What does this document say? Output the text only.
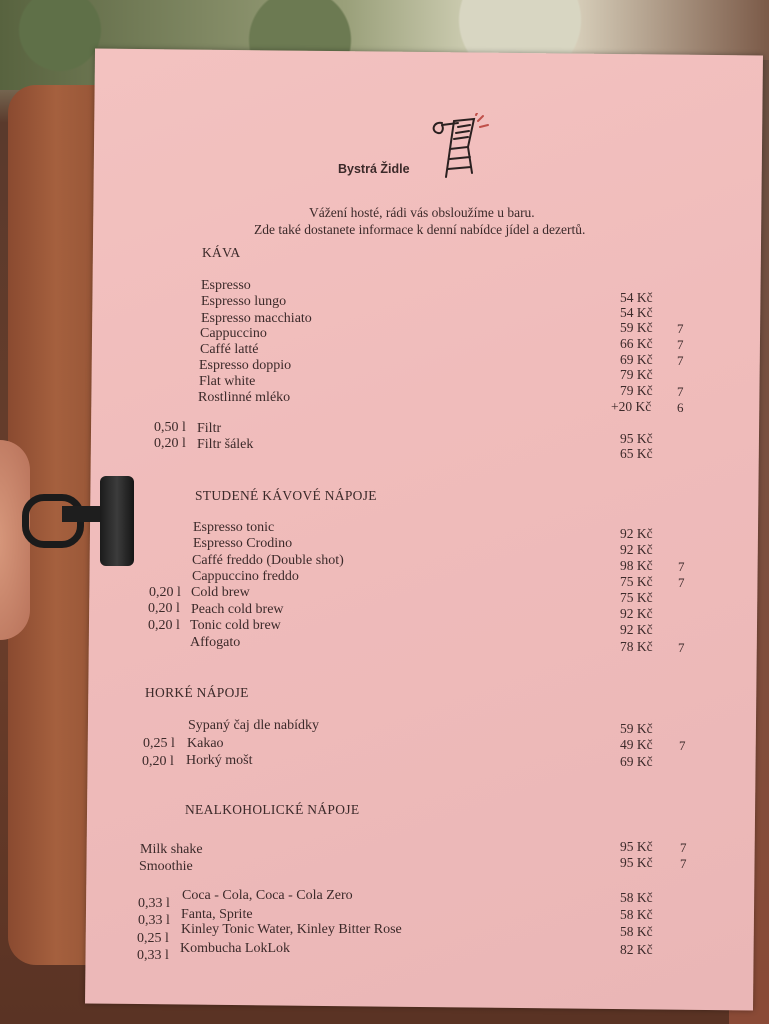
Bystrá Židle
Vážení hosté, rádi vás obsloužíme u baru.
Zde také dostanete informace k denní nabídce jídel a dezertů.
KÁVA
Espresso
Espresso lungo
Espresso macchiato
Cappuccino
Caffé latté
Espresso doppio
Flat white
Rostlinné mléko
0,50 l Filtr
0,20 l Filtr šálek
54 Kč
54 Kč
59 Kč 7
66 Kč 7
69 Kč 7
79 Kč
79 Kč 7
+20 Kč 6
95 Kč
65 Kč
STUDENÉ KÁVOVÉ NÁPOJE
Espresso tonic
Espresso Crodino
Caffé freddo (Double shot)
Cappuccino freddo
0,20 l Cold brew
0,20 l Peach cold brew
0,20 l Tonic cold brew
Affogato
92 Kč
92 Kč
98 Kč 7
75 Kč 7
75 Kč
92 Kč
92 Kč
78 Kč 7
HORKÉ NÁPOJE
Sypaný čaj dle nabídky
0,25 l Kakao
0,20 l Horký mošt
59 Kč
49 Kč 7
69 Kč
NEALKOHOLICKÉ NÁPOJE
Milk shake
Smoothie
0,33 l
Coca - Cola, Coca - Cola Zero
0,33 l Fanta, Sprite
0,25 l
Kinley Tonic Water, Kinley Bitter Rose
0,33 l Kombucha LokLok
95 Kč 7
95 Kč 7
58 Kč
58 Kč
58 Kč
82 Kč
